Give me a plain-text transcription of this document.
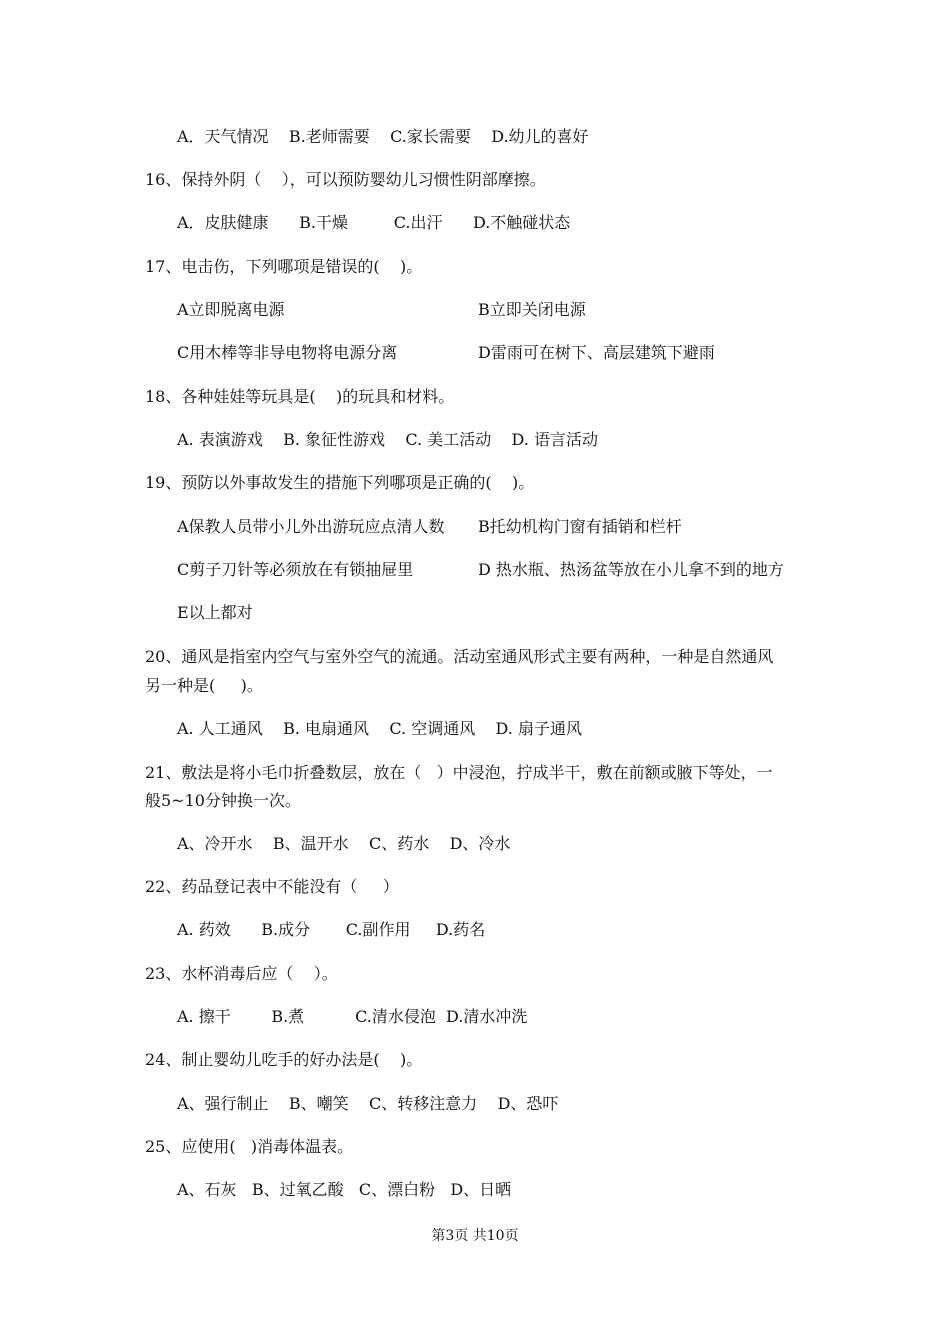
A．天气情况    B.老师需要    C.家长需要    D.幼儿的喜好
16、保持外阴（    ），可以预防婴幼儿习惯性阴部摩擦。
A．皮肤健康      B.干燥         C.出汗      D.不触碰状态
17、电击伤，下列哪项是错误的(    )。
A立即脱离电源	B立即关闭电源
C用木棒等非导电物将电源分离	D雷雨可在树下、高层建筑下避雨
18、各种娃娃等玩具是(    )的玩具和材料。
A. 表演游戏    B. 象征性游戏    C. 美工活动    D. 语言活动
19、预防以外事故发生的措施下列哪项是正确的(    )。
A保教人员带小儿外出游玩应点清人数 B托幼机构门窗有插销和栏杆
C剪子刀针等必须放在有锁抽屉里	D 热水瓶、热汤盆等放在小儿拿不到的地方
E以上都对
20、通风是指室内空气与室外空气的流通。活动室通风形式主要有两种，一种是自然通风
另一种是(     )。
A. 人工通风    B. 电扇通风    C. 空调通风    D. 扇子通风
21、敷法是将小毛巾折叠数层，放在（   ）中浸泡，拧成半干，敷在前额或腋下等处，一
般5~10分钟换一次。
A、冷开水    B、温开水    C、药水    D、冷水
22、药品登记表中不能没有（     ）
A. 药效      B.成分       C.副作用     D.药名
23、水杯消毒后应（    ）。
A. 擦干        B.煮          C.清水侵泡  D.清水冲洗
24、制止婴幼儿吃手的好办法是(    )。
A、强行制止    B、嘲笑    C、转移注意力    D、恐吓
25、应使用(   )消毒体温表。
A、石灰   B、过氧乙酸   C、漂白粉   D、日晒
第3页 共10页
